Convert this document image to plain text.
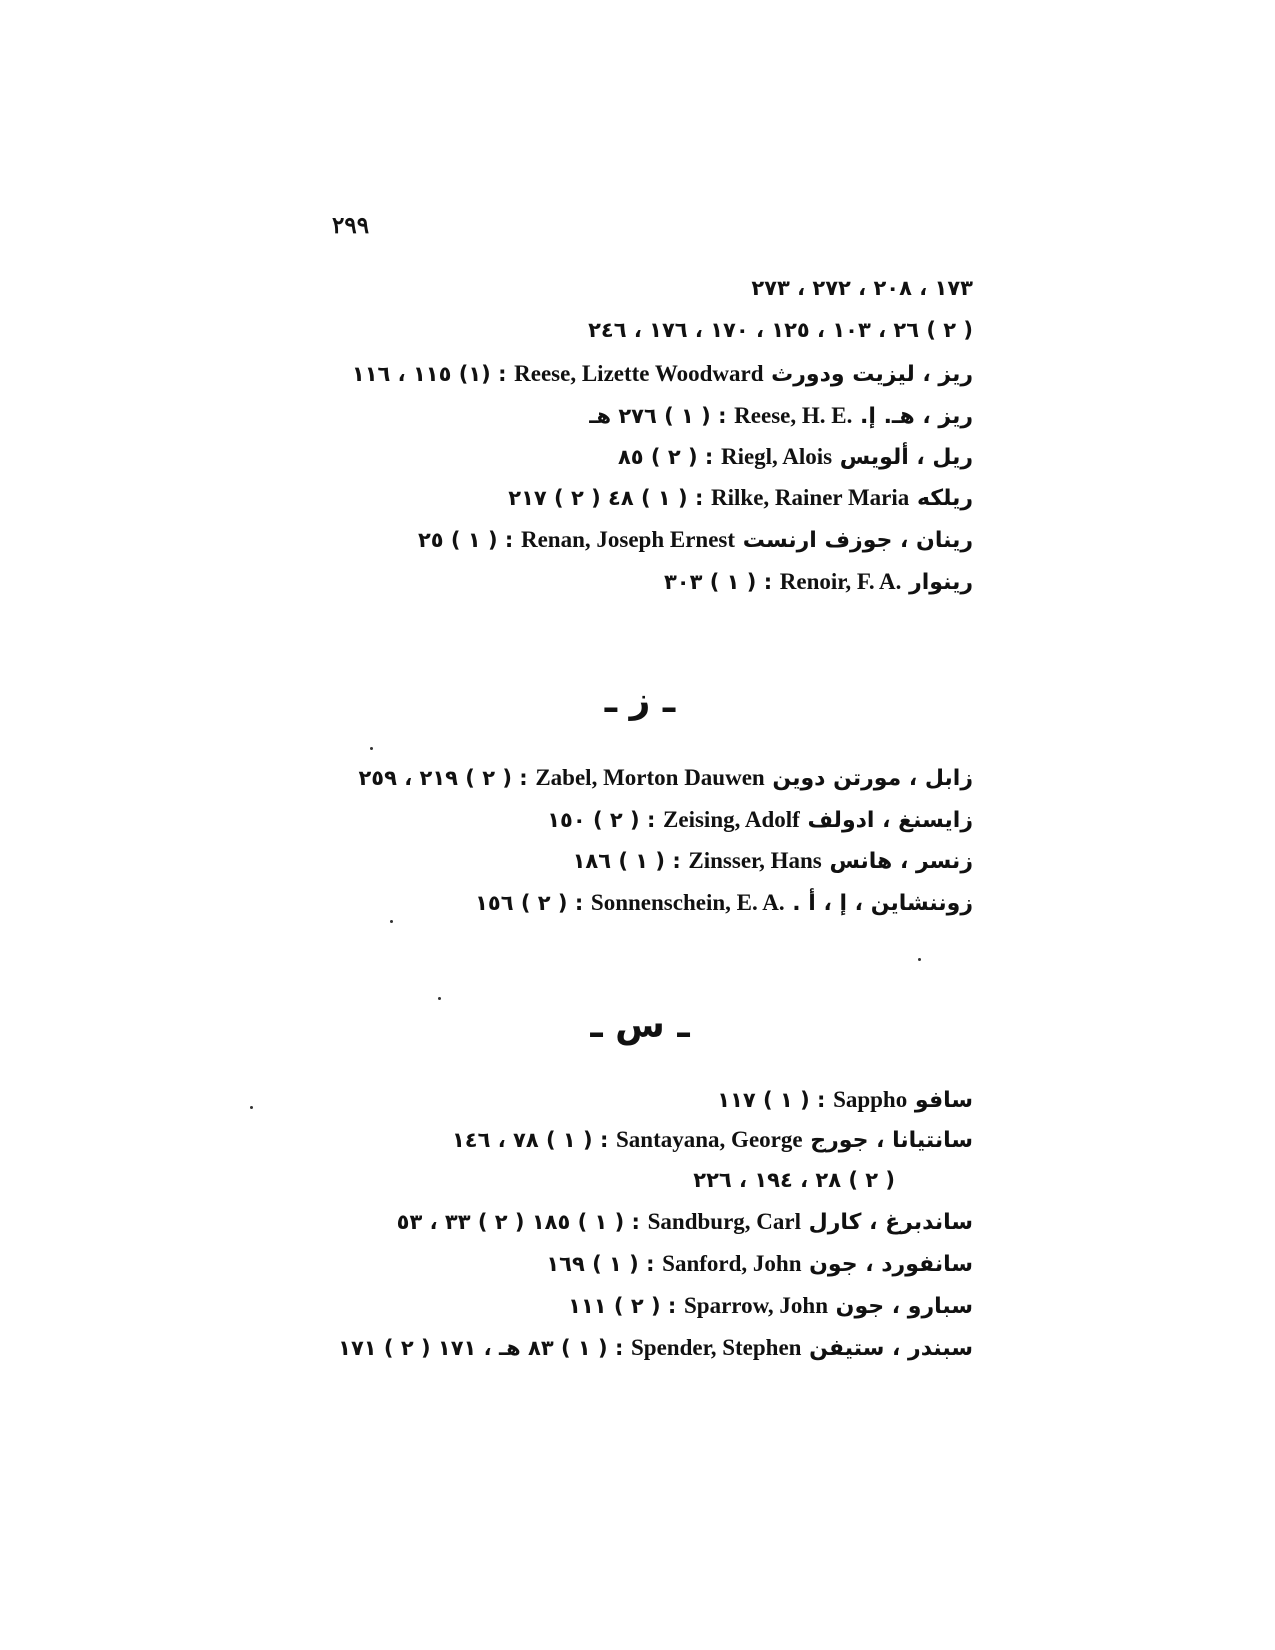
٢٩٩
١٧٣ ، ٢٠٨ ، ٢٧٢ ، ٢٧٣
( ٢ ) ٢٦ ، ١٠٣ ، ١٢٥ ، ١٧٠ ، ١٧٦ ، ٢٤٦
ريز ، ليزيت ودورث Reese, Lizette Woodward : (١) ١١٥ ، ١١٦
ريز ، هـ. إ. Reese, H. E. : ( ١ ) ٢٧٦ هـ
ريل ، ألويس Riegl, Alois : ( ٢ ) ٨٥
ريلكه Rilke, Rainer Maria : ( ١ ) ٤٨ ( ٢ ) ٢١٧
رينان ، جوزف ارنست Renan, Joseph Ernest : ( ١ ) ٢٥
رينوار Renoir, F. A. : ( ١ ) ٣٠٣
ـ ز ـ
زابل ، مورتن دوين Zabel, Morton Dauwen : ( ٢ ) ٢١٩ ، ٢٥٩
زايسنغ ، ادولف Zeising, Adolf : ( ٢ ) ١٥٠
زنسر ، هانس Zinsser, Hans : ( ١ ) ١٨٦
زوننشاين ، إ ، أ . Sonnenschein, E. A. : ( ٢ ) ١٥٦
ـ س ـ
سافو Sappho : ( ١ ) ١١٧
سانتيانا ، جورج Santayana, George : ( ١ ) ٧٨ ، ١٤٦
( ٢ ) ٢٨ ، ١٩٤ ، ٢٢٦
ساندبرغ ، كارل Sandburg, Carl : ( ١ ) ١٨٥ ( ٢ ) ٣٣ ، ٥٣
سانفورد ، جون Sanford, John : ( ١ ) ١٦٩
سبارو ، جون Sparrow, John : ( ٢ ) ١١١
سبندر ، ستيفن Spender, Stephen : ( ١ ) ٨٣ هـ ، ١٧١ ( ٢ ) ١٧١
